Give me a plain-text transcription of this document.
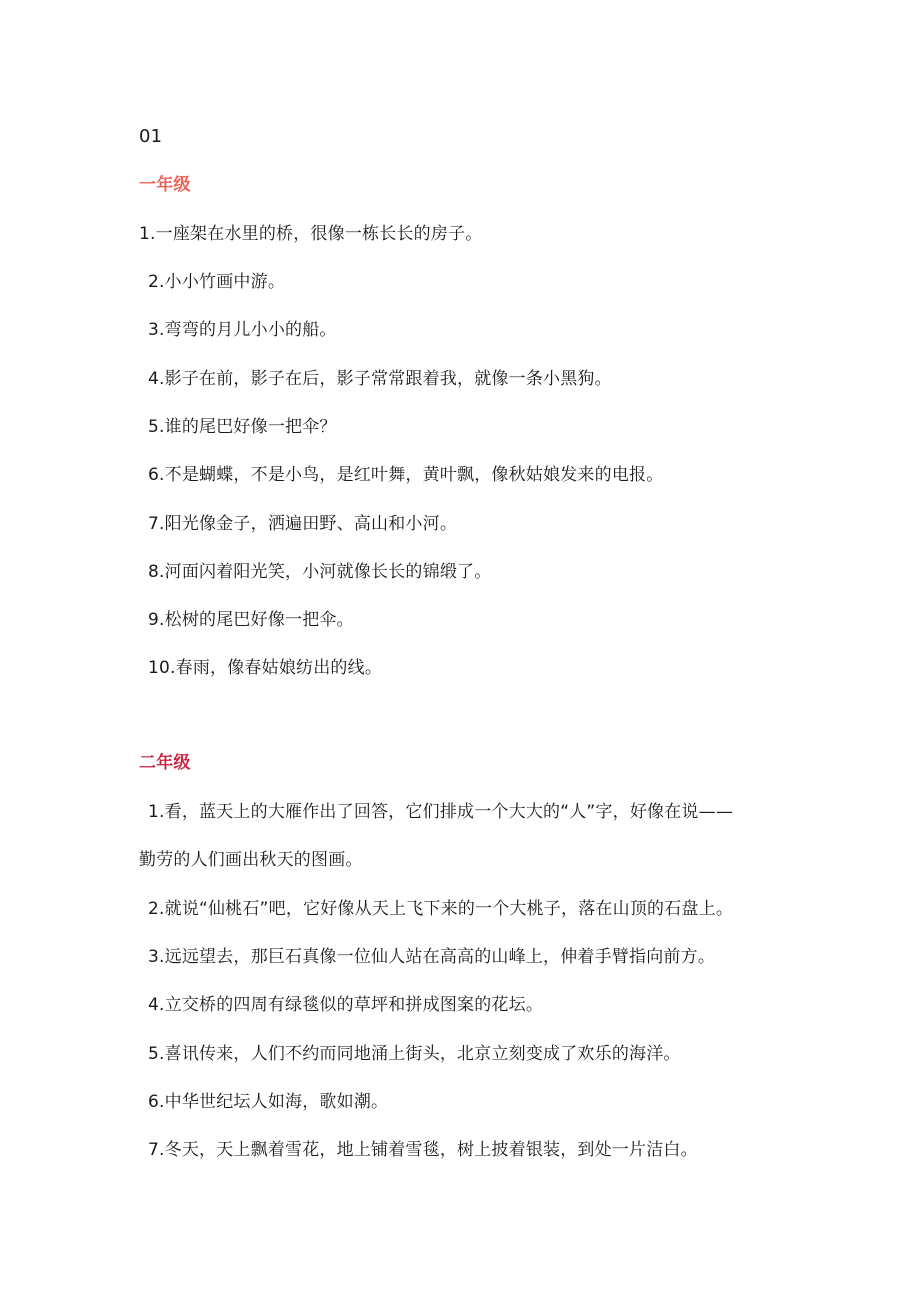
01
一年级
1.一座架在水里的桥，很像一栋长长的房子。
2.小小竹画中游。
3.弯弯的月儿小小的船。
4.影子在前，影子在后，影子常常跟着我，就像一条小黑狗。
5.谁的尾巴好像一把伞？
6.不是蝴蝶，不是小鸟，是红叶舞，黄叶飘，像秋姑娘发来的电报。
7.阳光像金子，洒遍田野、高山和小河。
8.河面闪着阳光笑，小河就像长长的锦缎了。
9.松树的尾巴好像一把伞。
10.春雨，像春姑娘纺出的线。
二年级
1.看，蓝天上的大雁作出了回答，它们排成一个大大的“人”字，好像在说——
勤劳的人们画出秋天的图画。
2.就说“仙桃石”吧，它好像从天上飞下来的一个大桃子，落在山顶的石盘上。
3.远远望去，那巨石真像一位仙人站在高高的山峰上，伸着手臂指向前方。
4.立交桥的四周有绿毯似的草坪和拼成图案的花坛。
5.喜讯传来，人们不约而同地涌上街头，北京立刻变成了欢乐的海洋。
6.中华世纪坛人如海，歌如潮。
7.冬天，天上飘着雪花，地上铺着雪毯，树上披着银装，到处一片洁白。
